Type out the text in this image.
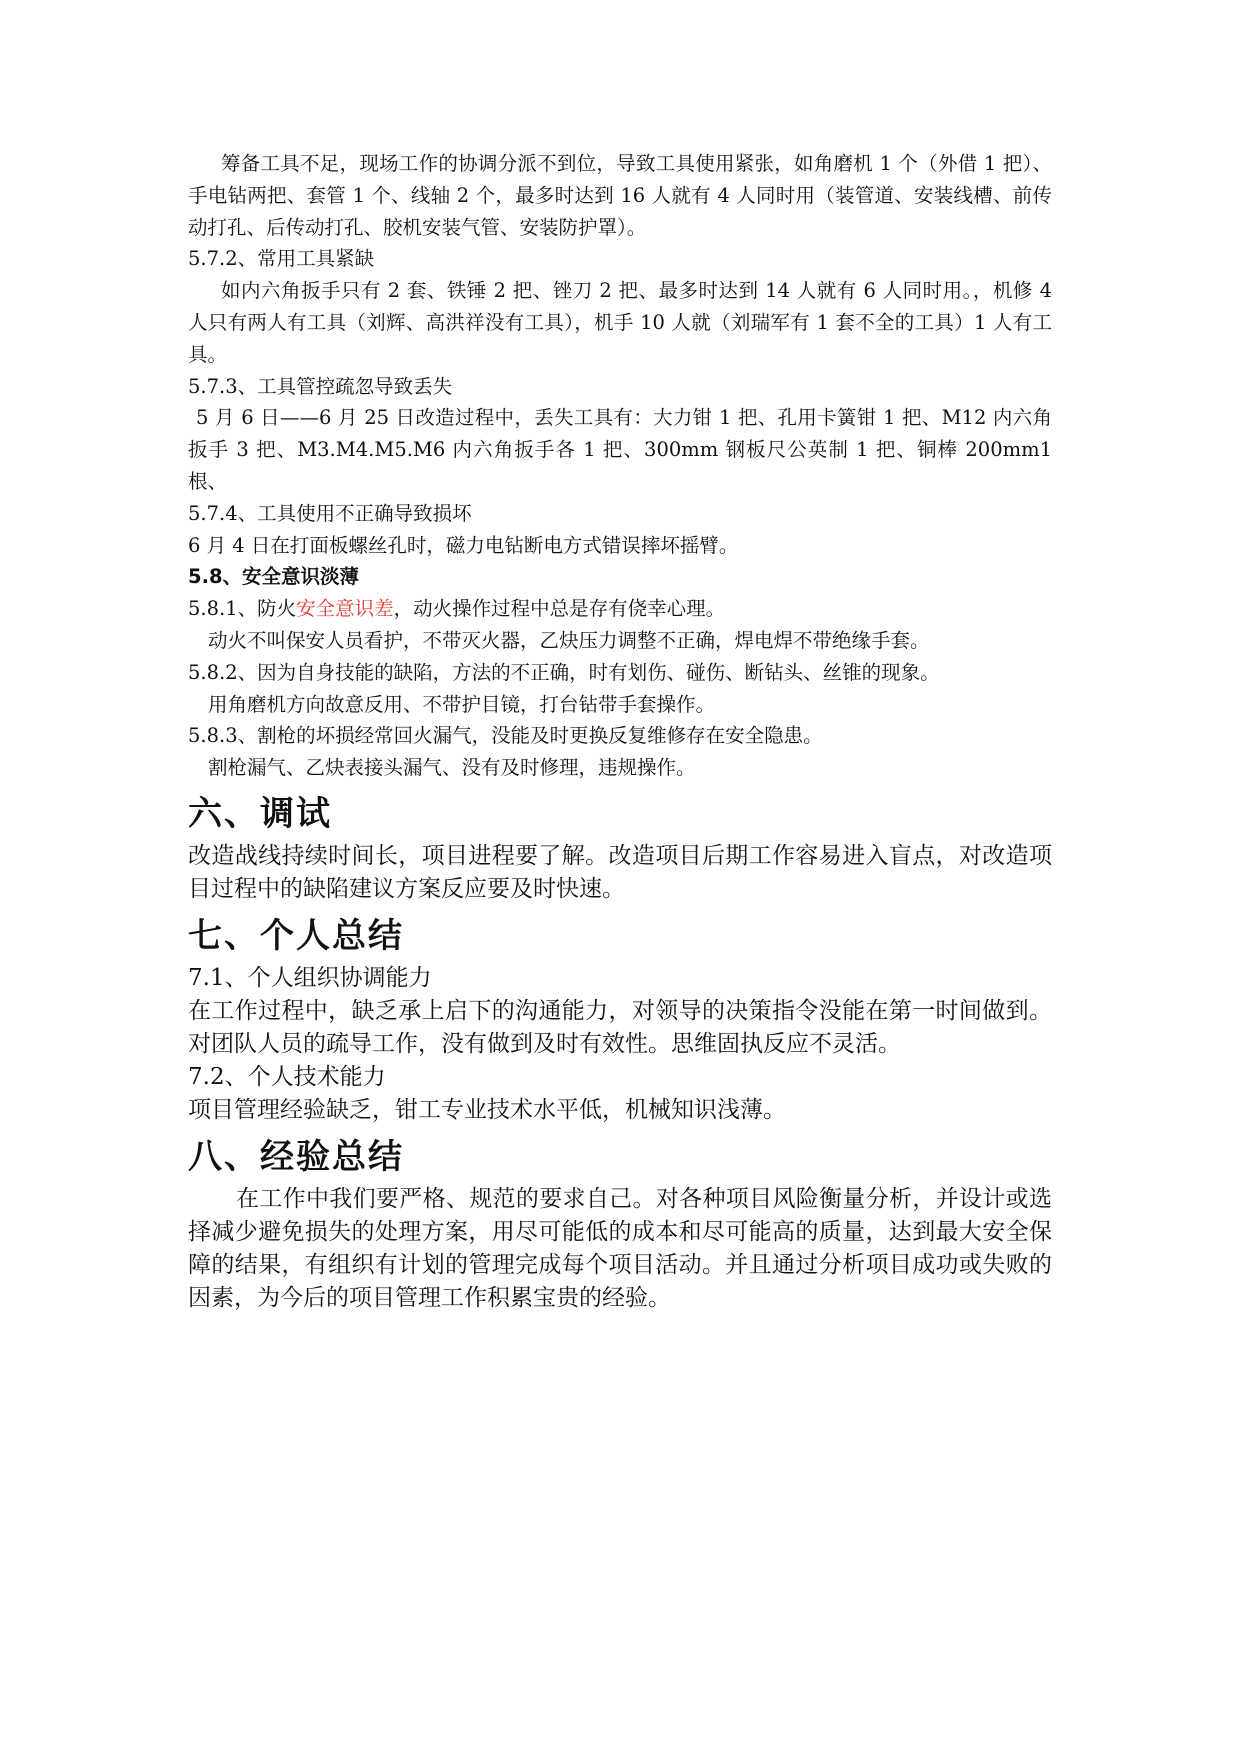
筹备工具不足，现场工作的协调分派不到位，导致工具使用紧张，如角磨机 1 个（外借 1 把）、手电钻两把、套管 1 个、线轴 2 个，最多时达到 16 人就有 4 人同时用（装管道、安装线槽、前传动打孔、后传动打孔、胶机安装气管、安装防护罩）。

5.7.2、常用工具紧缺

如内六角扳手只有 2 套、铁锤 2 把、锉刀 2 把、最多时达到 14 人就有 6 人同时用。，机修 4 人只有两人有工具（刘辉、高洪祥没有工具），机手 10 人就（刘瑞军有 1 套不全的工具）1 人有工具。

5.7.3、工具管控疏忽导致丢失

5 月 6 日——6 月 25 日改造过程中，丢失工具有：大力钳 1 把、孔用卡簧钳 1 把、M12 内六角扳手 3 把、M3.M4.M5.M6 内六角扳手各 1 把、300mm 钢板尺公英制 1 把、铜棒 200mm1 根、

5.7.4、工具使用不正确导致损坏

6 月 4 日在打面板螺丝孔时，磁力电钻断电方式错误摔坏摇臂。

5.8、安全意识淡薄

5.8.1、防火安全意识差，动火操作过程中总是存有侥幸心理。

动火不叫保安人员看护，不带灭火器，乙炔压力调整不正确，焊电焊不带绝缘手套。

5.8.2、因为自身技能的缺陷，方法的不正确，时有划伤、碰伤、断钻头、丝锥的现象。

用角磨机方向故意反用、不带护目镜，打台钻带手套操作。

5.8.3、割枪的坏损经常回火漏气，没能及时更换反复维修存在安全隐患。

割枪漏气、乙炔表接头漏气、没有及时修理，违规操作。

六、调试

改造战线持续时间长，项目进程要了解。改造项目后期工作容易进入盲点，对改造项目过程中的缺陷建议方案反应要及时快速。

七、个人总结

7.1、个人组织协调能力

在工作过程中，缺乏承上启下的沟通能力，对领导的决策指令没能在第一时间做到。对团队人员的疏导工作，没有做到及时有效性。思维固执反应不灵活。

7.2、个人技术能力

项目管理经验缺乏，钳工专业技术水平低，机械知识浅薄。

八、经验总结

在工作中我们要严格、规范的要求自己。对各种项目风险衡量分析，并设计或选择减少避免损失的处理方案，用尽可能低的成本和尽可能高的质量，达到最大安全保障的结果，有组织有计划的管理完成每个项目活动。并且通过分析项目成功或失败的因素，为今后的项目管理工作积累宝贵的经验。
